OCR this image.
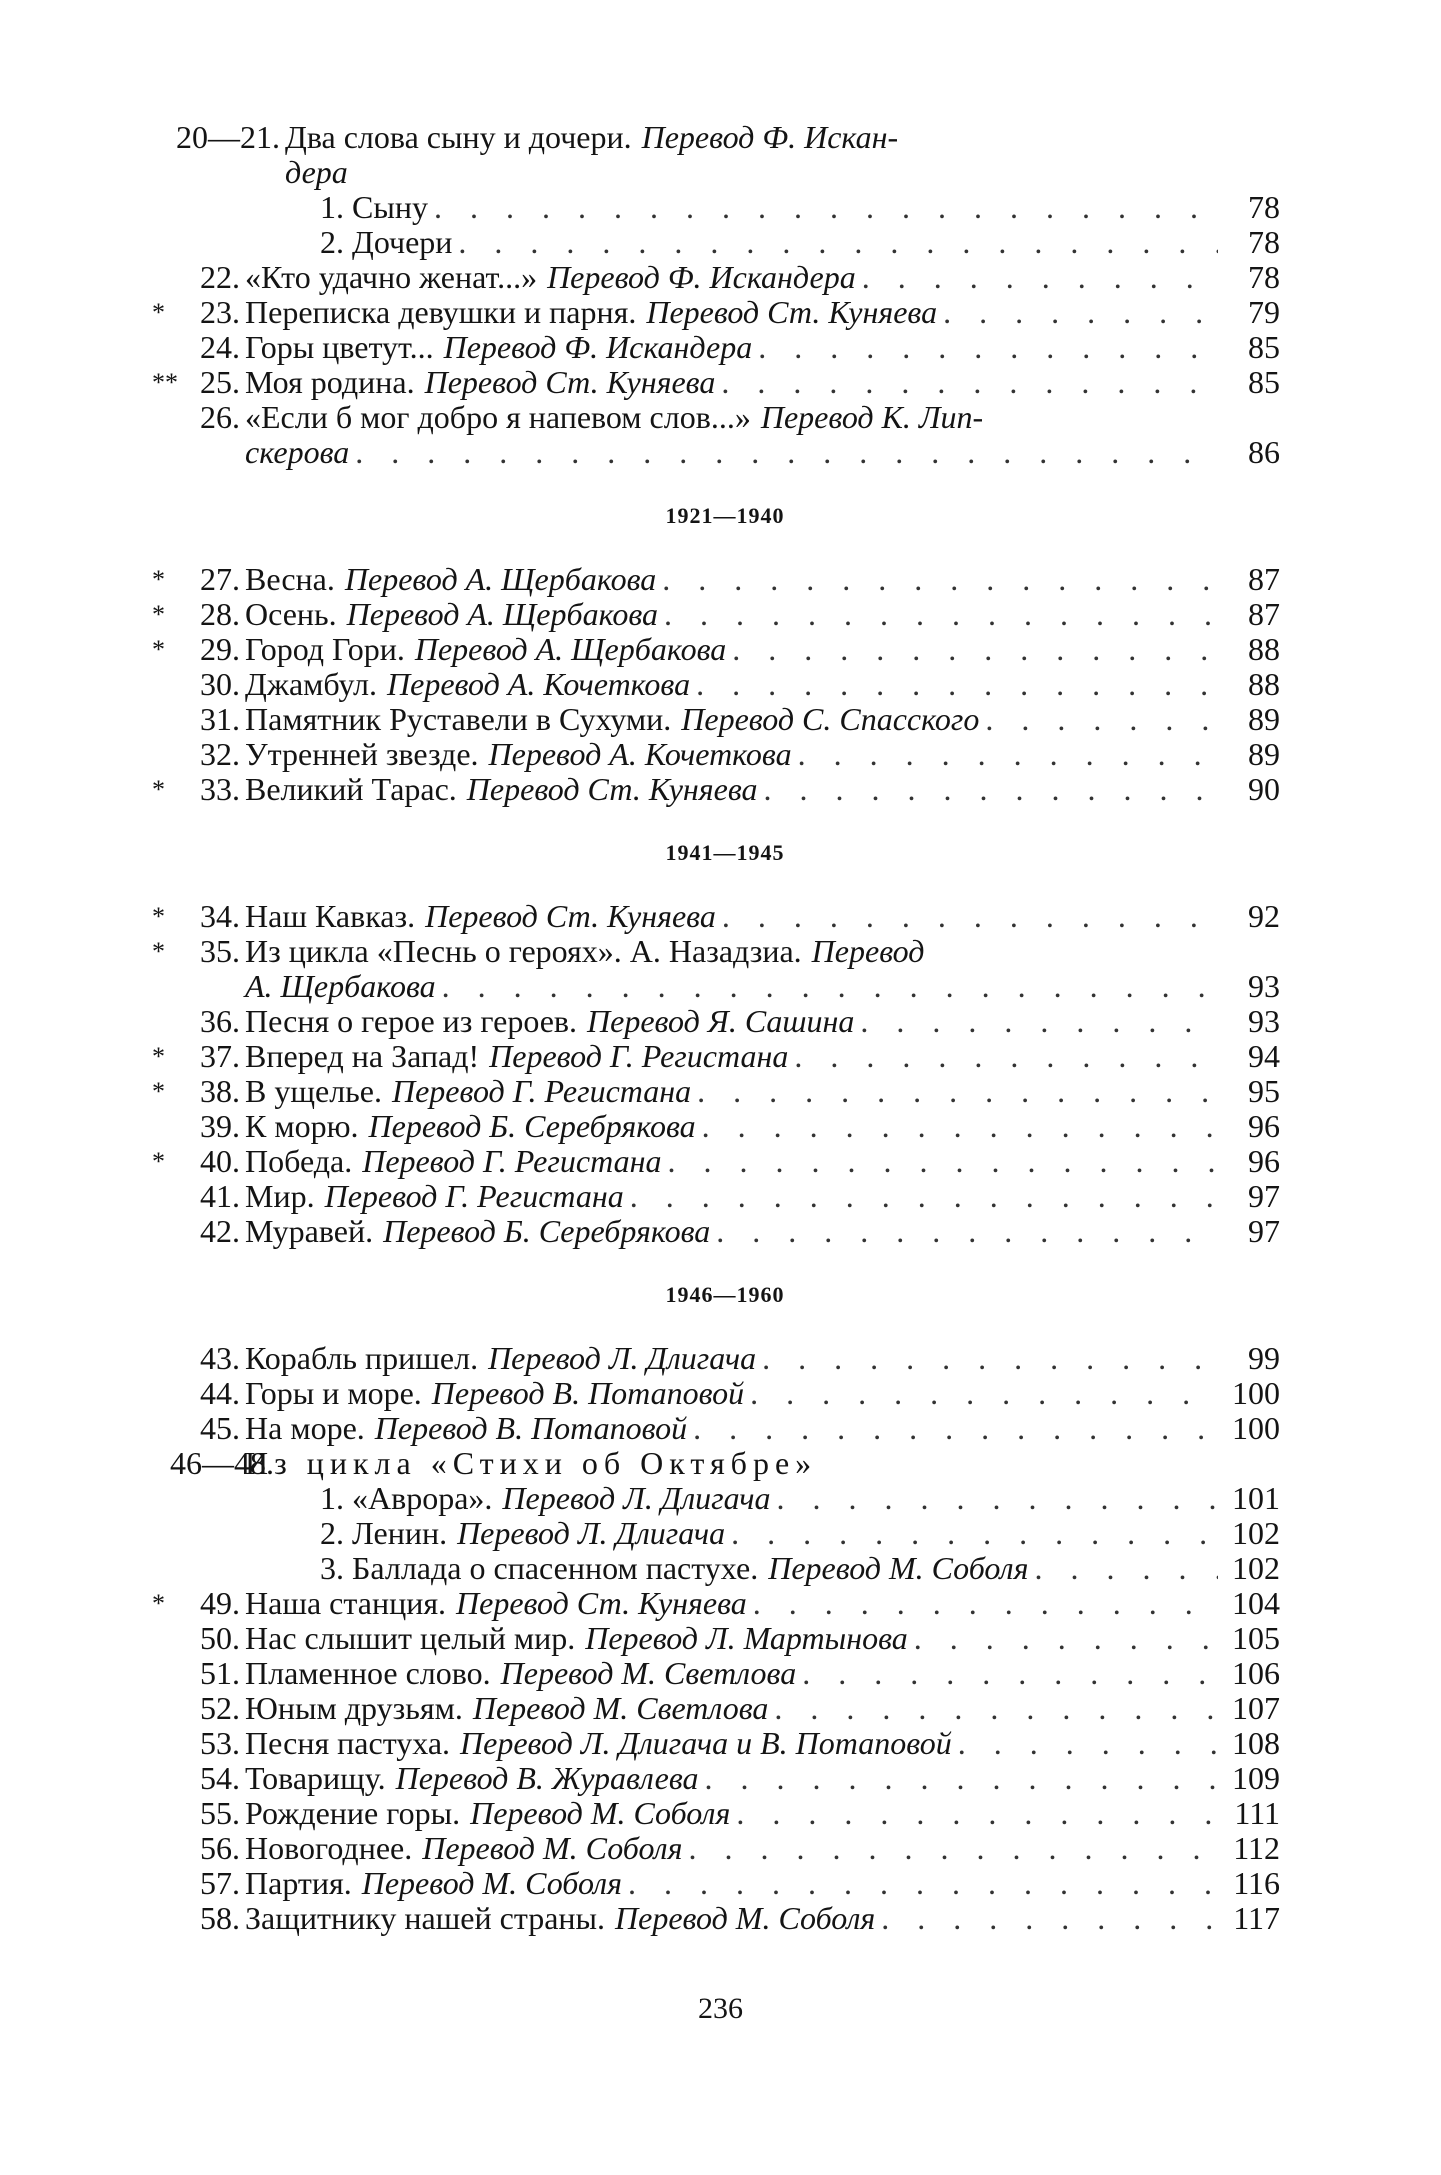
20—21. Два слова сыну и дочери. Перевод Ф. Искан-
дера
1. Сыну . . .	78
2. Дочери . . .	78
22. «Кто удачно женат...» Перевод Ф. Искандера . . .	78
*	23. Переписка девушки и парня. Перевод Ст. Куняева . . .	79
24. Горы цветут... Перевод Ф. Искандера . . .	85
** 25. Моя родина. Перевод Ст. Куняева . . .	85
26. «Если б мог добро я напевом слов...» Перевод К. Лип-
скерова . . .	86
1921—1940
*	27. Весна. Перевод А. Щербакова . . .	87
*	28. Осень. Перевод А. Щербакова . . .	87
*	29. Город Гори. Перевод А. Щербакова . . .	88
30. Джамбул. Перевод А. Кочеткова . . .	88
31. Памятник Руставели в Сухуми. Перевод С. Спасского . . .	89
32. Утренней звезде. Перевод А. Кочеткова . . .	89
*	33. Великий Тарас. Перевод Ст. Куняева . . .	90
1941—1945
*	34. Наш Кавказ. Перевод Ст. Куняева . . .	92
*	35. Из цикла «Песнь о героях». А. Назадзиа. Перевод
А. Щербакова . . .	93
36. Песня о герое из героев. Перевод Я. Сашина . . .	93
*	37. Вперед на Запад! Перевод Г. Регистана . . .	94
*	38. В ущелье. Перевод Г. Регистана . . .	95
39. К морю. Перевод Б. Серебрякова . . .	96
*	40. Победа. Перевод Г. Регистана . . .	96
41. Мир. Перевод Г. Регистана . . .	97
42. Муравей. Перевод Б. Серебрякова . . .	97
1946—1960
43. Корабль пришел. Перевод Л. Длигача . . .	99
44. Горы и море. Перевод В. Потаповой . . .	100
45. На море. Перевод В. Потаповой . . .	100
46—48.
Из цикла «Стихи об Октябре»
1. «Аврора». Перевод Л. Длигача . . .	101
2. Ленин. Перевод Л. Длигача . . .	102
3. Баллада о спасенном пастухе. Перевод М. Соболя . . .	102
*	49. Наша станция. Перевод Ст. Куняева . . .	104
50. Нас слышит целый мир. Перевод Л. Мартынова . . .	105
51. Пламенное слово. Перевод М. Светлова . . .	106
52. Юным друзьям. Перевод М. Светлова . . .	107
53. Песня пастуха. Перевод Л. Длигача и В. Потаповой . . .	108
54. Товарищу. Перевод В. Журавлева . . .	109
55. Рождение горы. Перевод М. Соболя . . .	111
56. Новогоднее. Перевод М. Соболя . . .	112
57. Партия. Перевод М. Соболя . . .	116
58. Защитнику нашей страны. Перевод М. Соболя . . .	117
236
